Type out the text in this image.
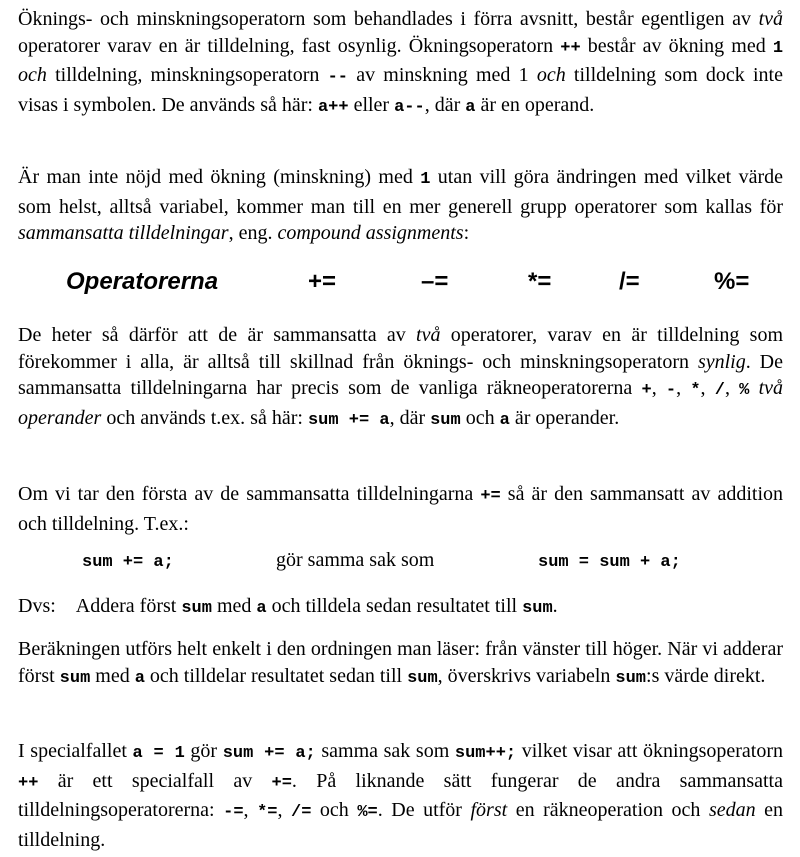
Öknings- och minskningsoperatorn som behandlades i förra avsnitt, består egentligen av två operatorer varav en är tilldelning, fast osynlig. Ökningsoperatorn ++ består av ökning med 1 och tilldelning, minskningsoperatorn -- av minskning med 1 och tilldelning som dock inte visas i symbolen. De används så här: a++ eller a--, där a är en operand.

Är man inte nöjd med ökning (minskning) med 1 utan vill göra ändringen med vilket värde som helst, alltså variabel, kommer man till en mer generell grupp operatorer som kallas för sammansatta tilldelningar, eng. compound assignments:

Operatorerna	+=	–=	*=	/=	%=

De heter så därför att de är sammansatta av två operatorer, varav en är tilldelning som förekommer i alla, är alltså till skillnad från öknings- och minskningsoperatorn synlig. De sammansatta tilldelningarna har precis som de vanliga räkneoperatorerna +, -, *, /, % två operander och används t.ex. så här: sum += a, där sum och a är operander.

Om vi tar den första av de sammansatta tilldelningarna += så är den sammansatt av addition och tilldelning. T.ex.:

sum += a;	gör samma sak som	sum = sum + a;

Dvs: Addera först sum med a och tilldela sedan resultatet till sum.

Beräkningen utförs helt enkelt i den ordningen man läser: från vänster till höger. När vi adderar först sum med a och tilldelar resultatet sedan till sum, överskrivs variabeln sum:s värde direkt.

I specialfallet a = 1 gör sum += a; samma sak som sum++; vilket visar att ökningsoperatorn ++ är ett specialfall av +=. På liknande sätt fungerar de andra sammansatta tilldelningsoperatorerna: -=, *=, /= och %=. De utför först en räkneoperation och sedan en tilldelning.
